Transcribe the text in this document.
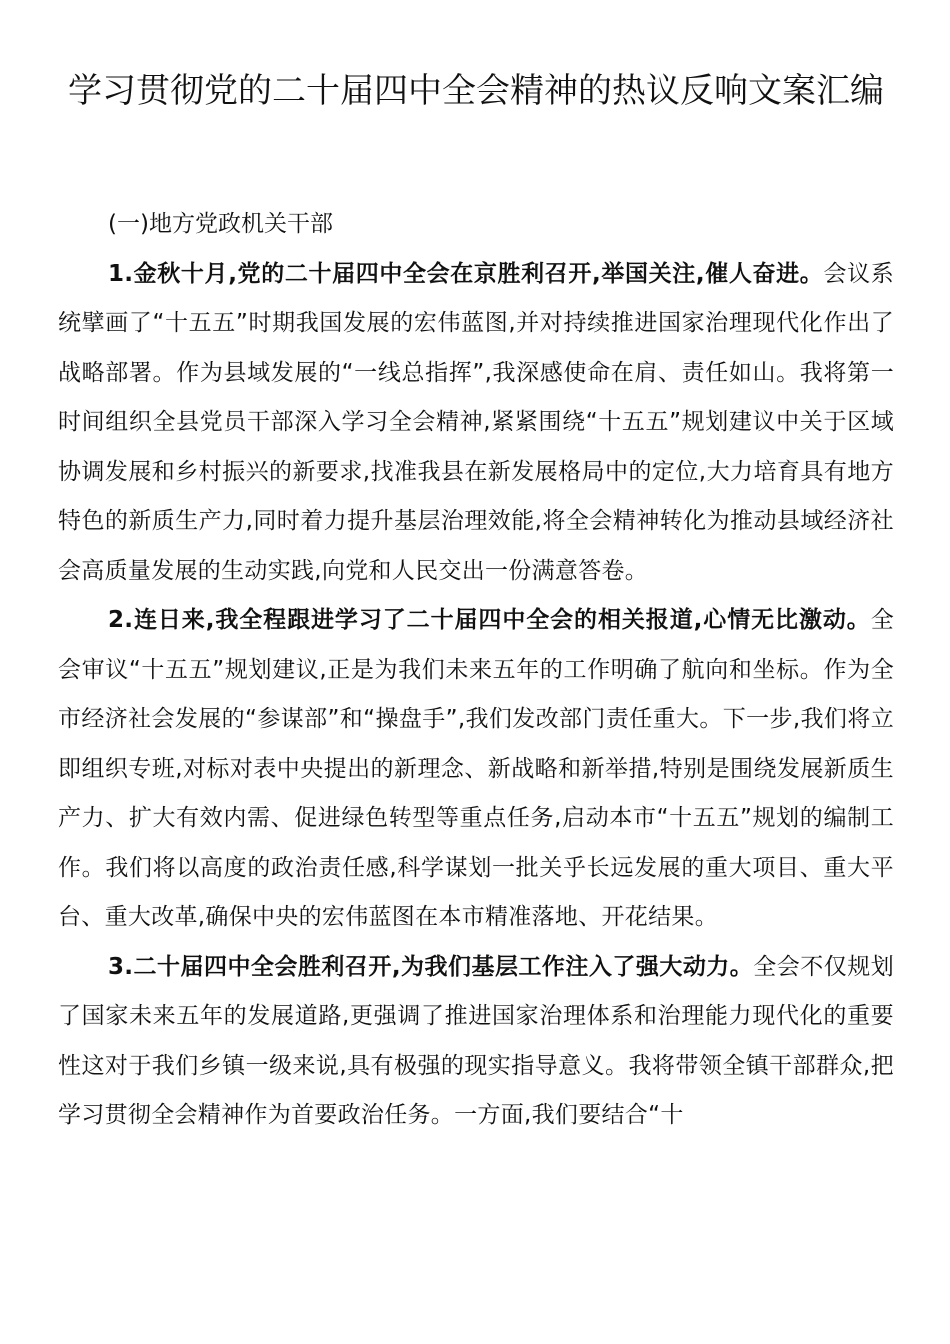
学习贯彻党的二十届四中全会精神的热议反响文案汇编

(一)地方党政机关干部

1.金秋十月,党的二十届四中全会在京胜利召开,举国关注,催人奋进。会议系统擘画了“十五五”时期我国发展的宏伟蓝图,并对持续推进国家治理现代化作出了战略部署。作为县域发展的“一线总指挥”,我深感使命在肩、责任如山。我将第一时间组织全县党员干部深入学习全会精神,紧紧围绕“十五五”规划建议中关于区域协调发展和乡村振兴的新要求,找准我县在新发展格局中的定位,大力培育具有地方特色的新质生产力,同时着力提升基层治理效能,将全会精神转化为推动县域经济社会高质量发展的生动实践,向党和人民交出一份满意答卷。

2.连日来,我全程跟进学习了二十届四中全会的相关报道,心情无比激动。全会审议“十五五”规划建议,正是为我们未来五年的工作明确了航向和坐标。作为全市经济社会发展的“参谋部”和“操盘手”,我们发改部门责任重大。下一步,我们将立即组织专班,对标对表中央提出的新理念、新战略和新举措,特别是围绕发展新质生产力、扩大有效内需、促进绿色转型等重点任务,启动本市“十五五”规划的编制工作。我们将以高度的政治责任感,科学谋划一批关乎长远发展的重大项目、重大平台、重大改革,确保中央的宏伟蓝图在本市精准落地、开花结果。

3.二十届四中全会胜利召开,为我们基层工作注入了强大动力。全会不仅规划了国家未来五年的发展道路,更强调了推进国家治理体系和治理能力现代化的重要性这对于我们乡镇一级来说,具有极强的现实指导意义。我将带领全镇干部群众,把学习贯彻全会精神作为首要政治任务。一方面,我们要结合“十
